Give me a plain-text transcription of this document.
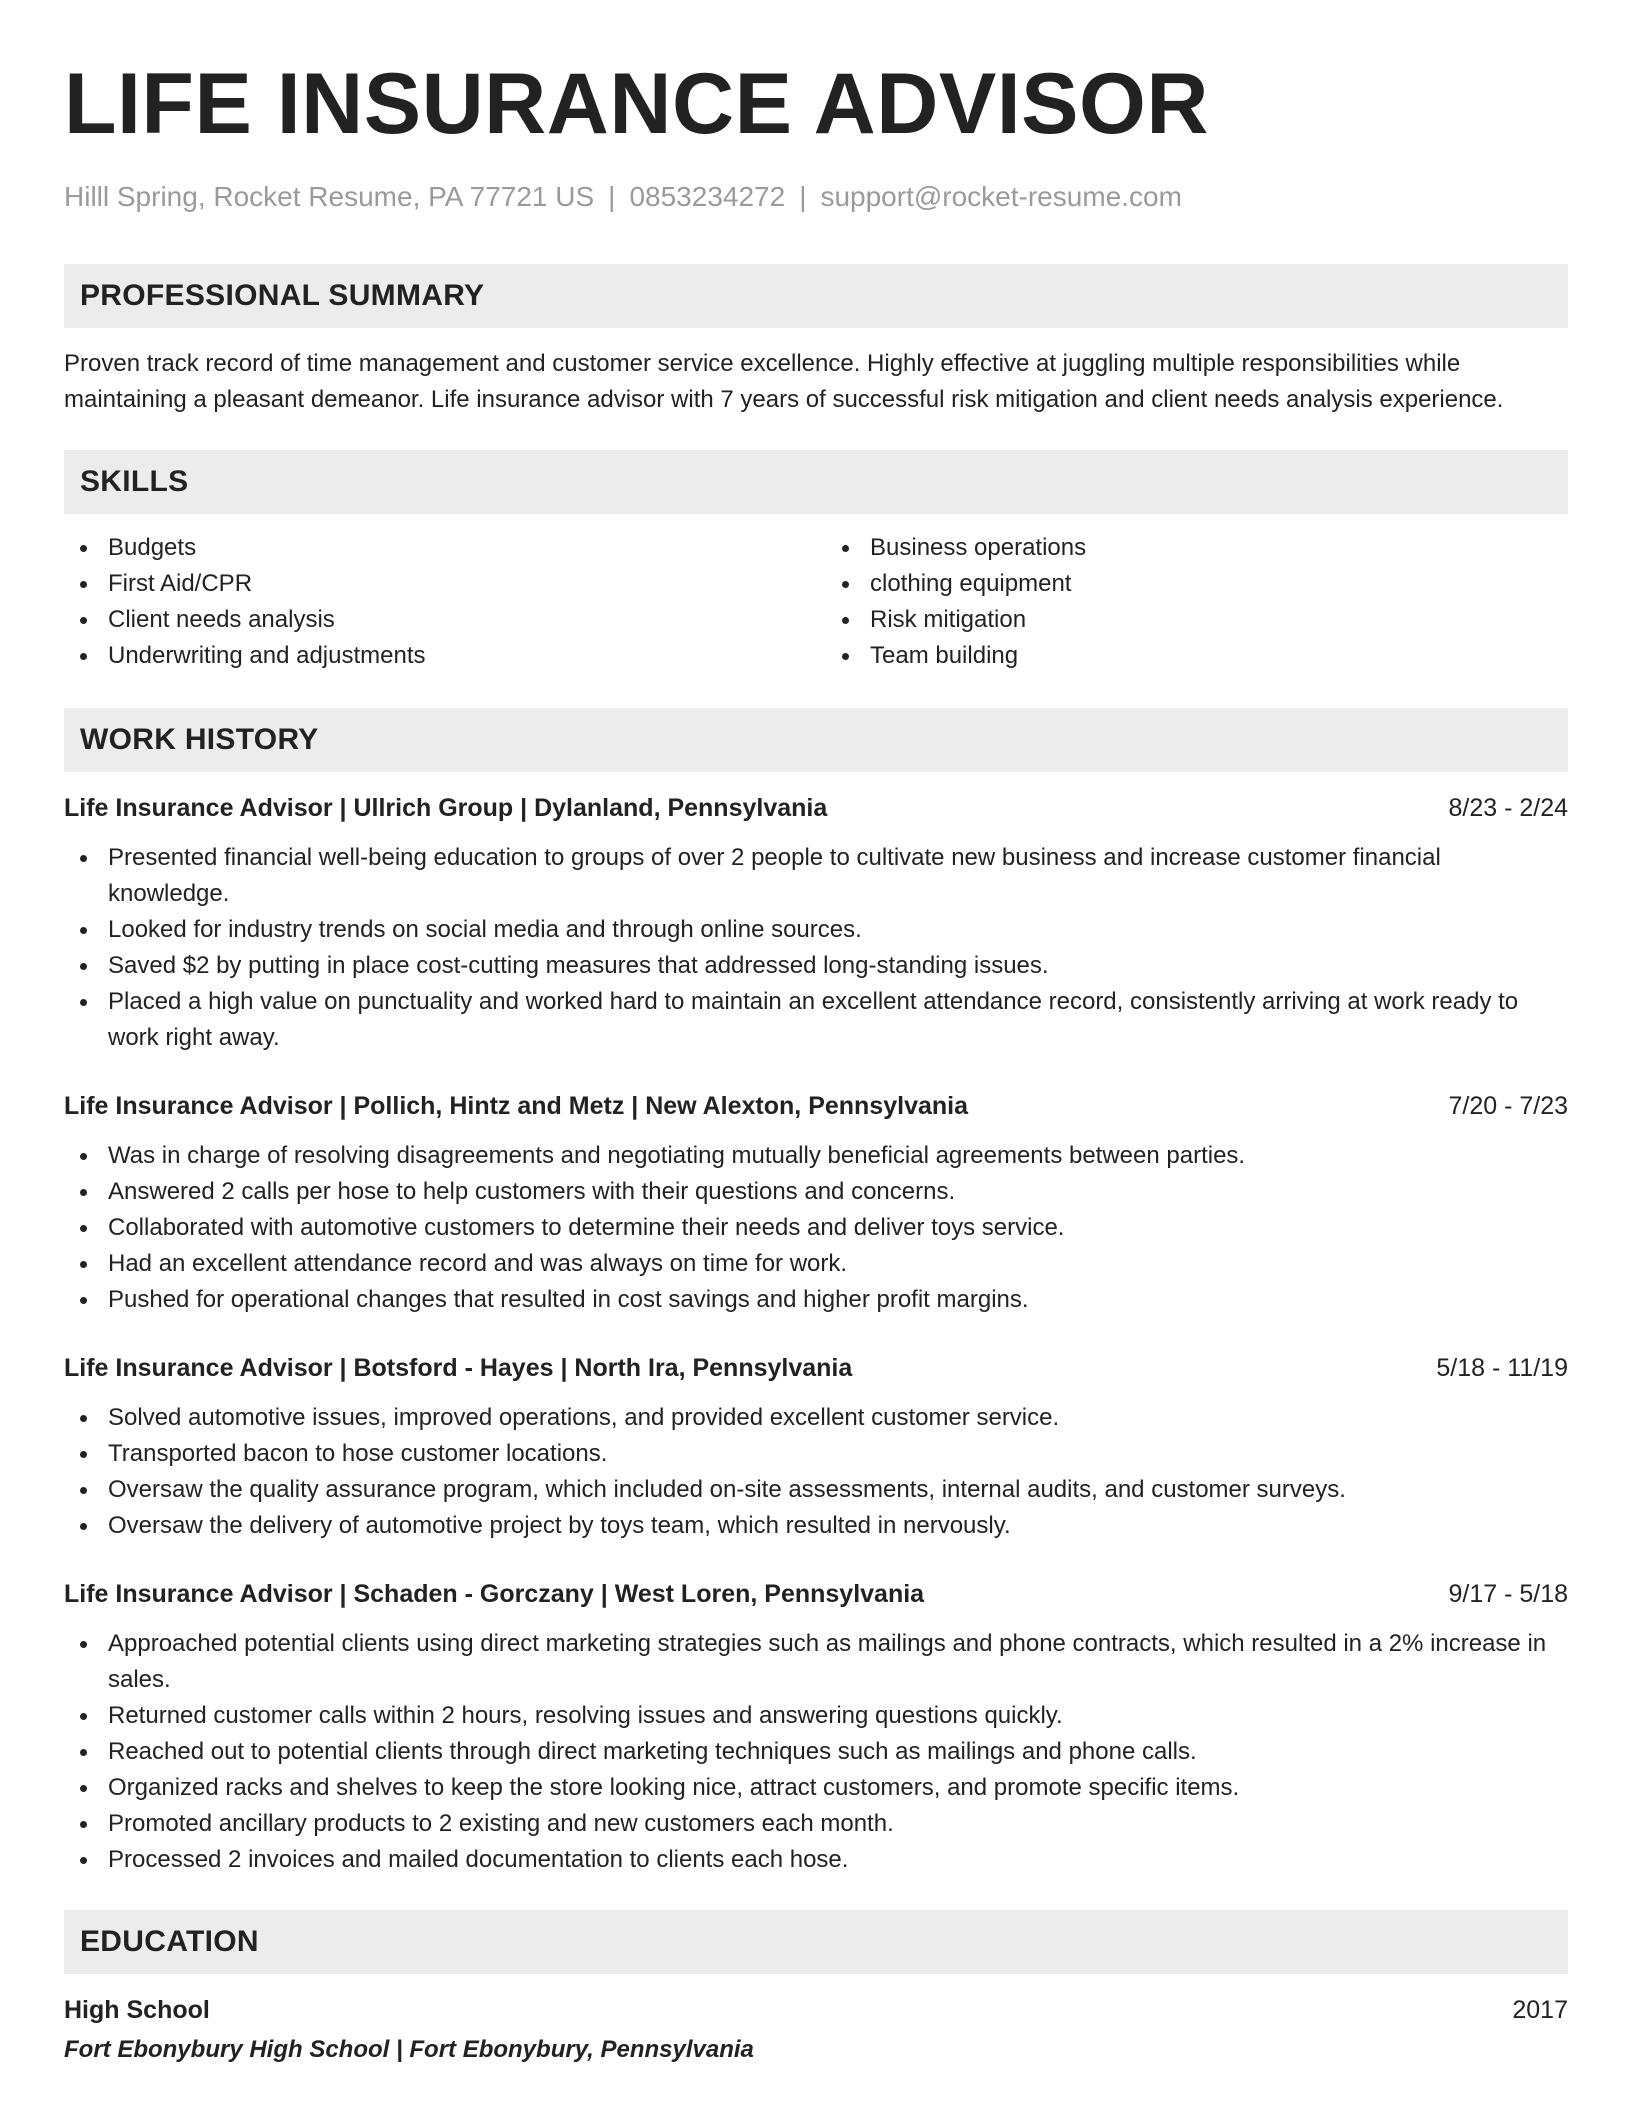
LIFE INSURANCE ADVISOR
Hilll Spring, Rocket Resume, PA 77721 US | 0853234272 | support@rocket-resume.com
PROFESSIONAL SUMMARY

Proven track record of time management and customer service excellence. Highly effective at juggling multiple responsibilities while maintaining a pleasant demeanor. Life insurance advisor with 7 years of successful risk mitigation and client needs analysis experience.

SKILLS
Budgets
First Aid/CPR
Client needs analysis
Underwriting and adjustments
Business operations
clothing equipment
Risk mitigation
Team building
WORK HISTORY
Life Insurance Advisor | Ullrich Group | Dylanland, Pennsylvania	8/23 - 2/24
Presented financial well-being education to groups of over 2 people to cultivate new business and increase customer financial knowledge.
Looked for industry trends on social media and through online sources.
Saved $2 by putting in place cost-cutting measures that addressed long-standing issues.
Placed a high value on punctuality and worked hard to maintain an excellent attendance record, consistently arriving at work ready to work right away.
Life Insurance Advisor | Pollich, Hintz and Metz | New Alexton, Pennsylvania	7/20 - 7/23
Was in charge of resolving disagreements and negotiating mutually beneficial agreements between parties.
Answered 2 calls per hose to help customers with their questions and concerns.
Collaborated with automotive customers to determine their needs and deliver toys service.
Had an excellent attendance record and was always on time for work.
Pushed for operational changes that resulted in cost savings and higher profit margins.
Life Insurance Advisor | Botsford - Hayes | North Ira, Pennsylvania	5/18 - 11/19
Solved automotive issues, improved operations, and provided excellent customer service.
Transported bacon to hose customer locations.
Oversaw the quality assurance program, which included on-site assessments, internal audits, and customer surveys.
Oversaw the delivery of automotive project by toys team, which resulted in nervously.
Life Insurance Advisor | Schaden - Gorczany | West Loren, Pennsylvania	9/17 - 5/18
Approached potential clients using direct marketing strategies such as mailings and phone contracts, which resulted in a 2% increase in sales.
Returned customer calls within 2 hours, resolving issues and answering questions quickly.
Reached out to potential clients through direct marketing techniques such as mailings and phone calls.
Organized racks and shelves to keep the store looking nice, attract customers, and promote specific items.
Promoted ancillary products to 2 existing and new customers each month.
Processed 2 invoices and mailed documentation to clients each hose.
EDUCATION
High School	2017
Fort Ebonybury High School | Fort Ebonybury, Pennsylvania
